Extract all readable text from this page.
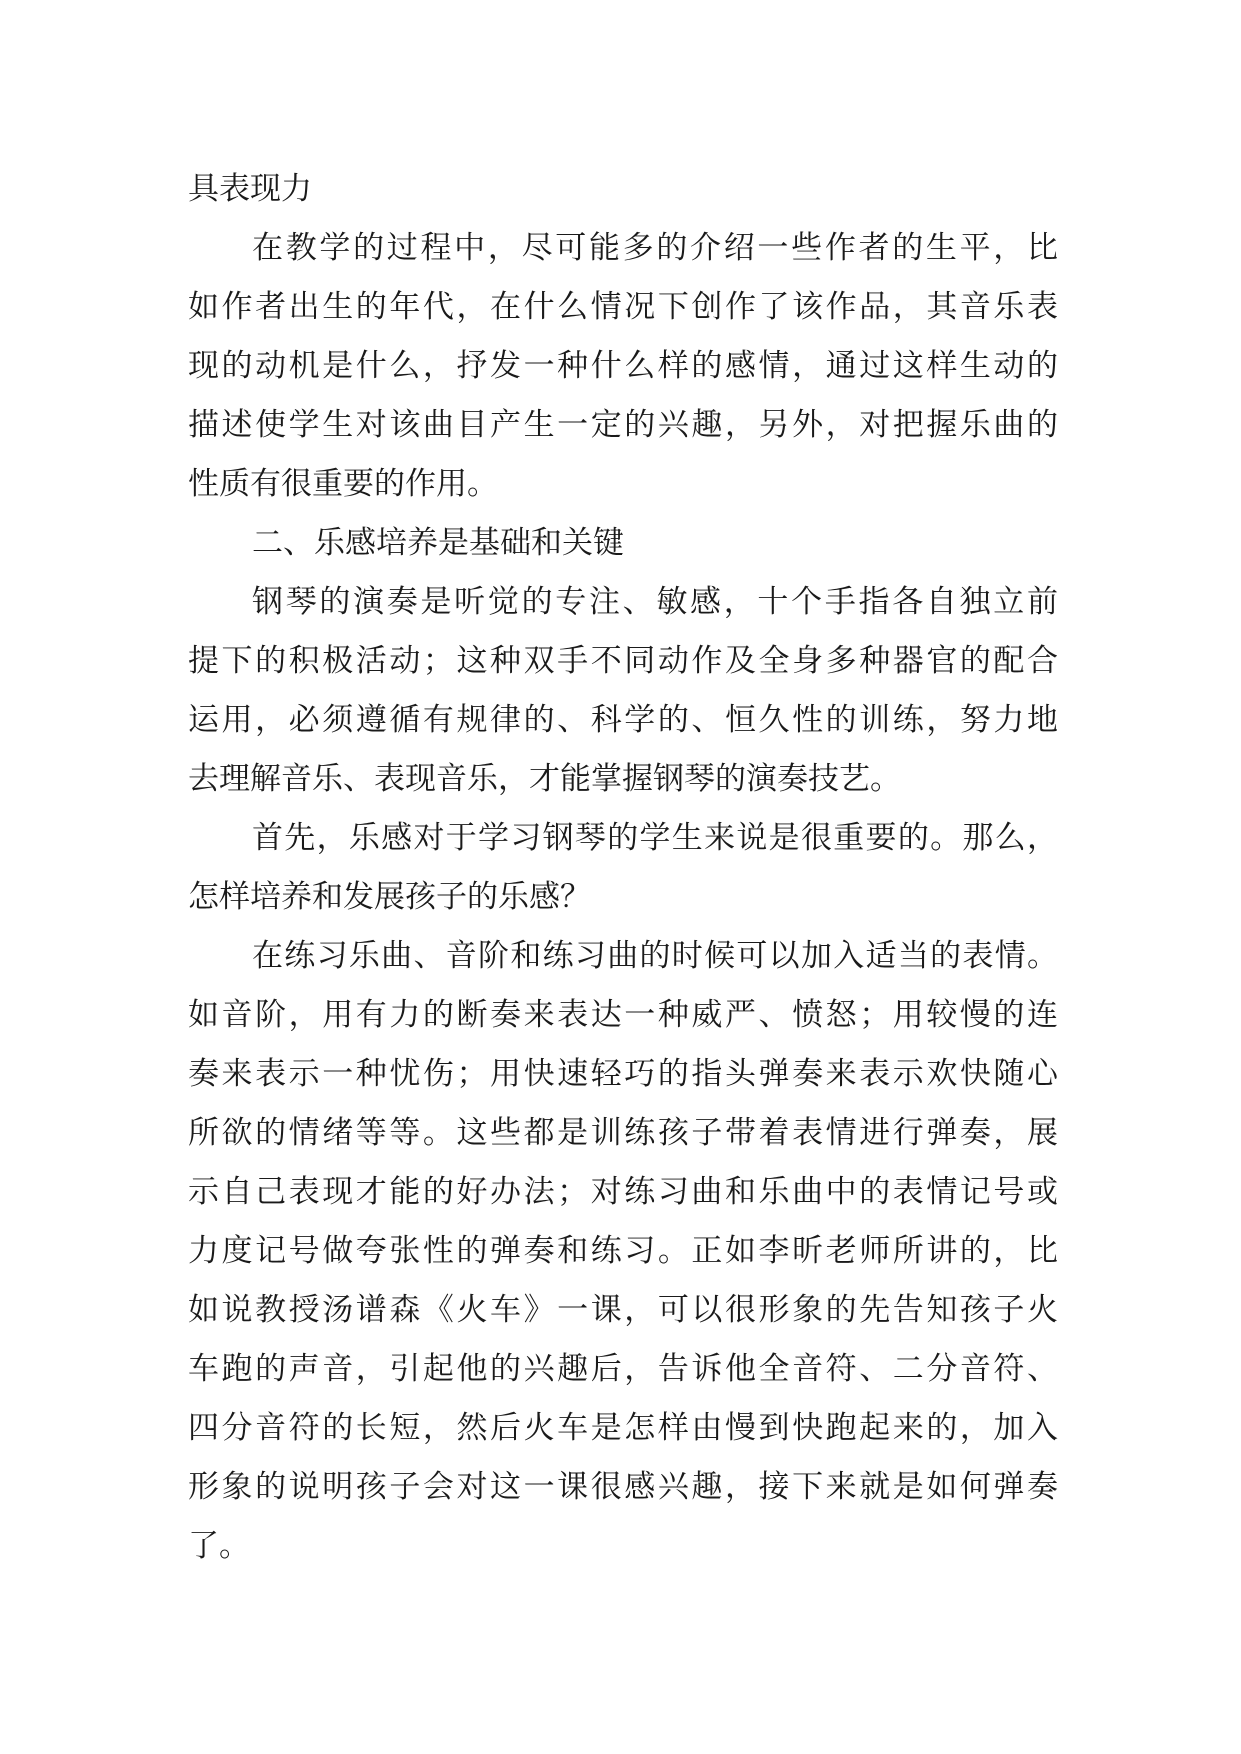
具表现力
在教学的过程中，尽可能多的介绍一些作者的生平，比
如作者出生的年代，在什么情况下创作了该作品，其音乐表
现的动机是什么，抒发一种什么样的感情，通过这样生动的
描述使学生对该曲目产生一定的兴趣，另外，对把握乐曲的
性质有很重要的作用。
二、乐感培养是基础和关键
钢琴的演奏是听觉的专注、敏感，十个手指各自独立前
提下的积极活动；这种双手不同动作及全身多种器官的配合
运用，必须遵循有规律的、科学的、恒久性的训练，努力地
去理解音乐、表现音乐，才能掌握钢琴的演奏技艺。
首先，乐感对于学习钢琴的学生来说是很重要的。那么，
怎样培养和发展孩子的乐感？
在练习乐曲、音阶和练习曲的时候可以加入适当的表情。
如音阶，用有力的断奏来表达一种威严、愤怒；用较慢的连
奏来表示一种忧伤；用快速轻巧的指头弹奏来表示欢快随心
所欲的情绪等等。这些都是训练孩子带着表情进行弹奏，展
示自己表现才能的好办法；对练习曲和乐曲中的表情记号或
力度记号做夸张性的弹奏和练习。正如李昕老师所讲的，比
如说教授汤谱森《火车》一课，可以很形象的先告知孩子火
车跑的声音，引起他的兴趣后，告诉他全音符、二分音符、
四分音符的长短，然后火车是怎样由慢到快跑起来的，加入
形象的说明孩子会对这一课很感兴趣，接下来就是如何弹奏
了。
